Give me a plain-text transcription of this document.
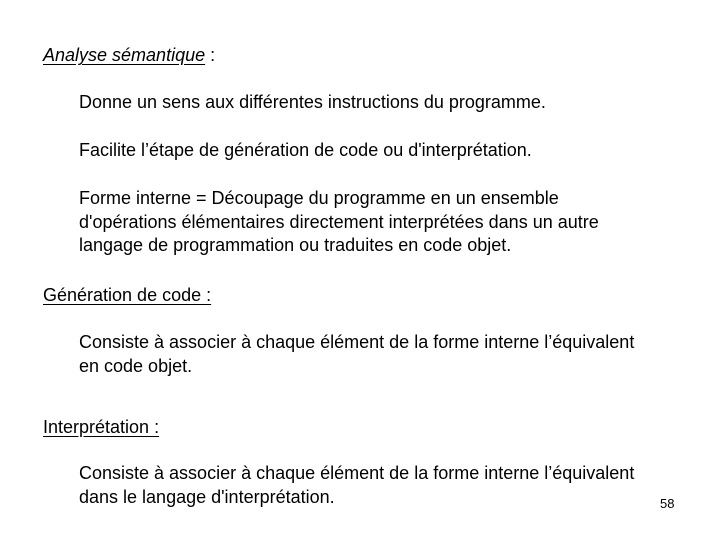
Analyse sémantique :
Donne un sens aux différentes instructions du programme.
Facilite l’étape de génération de code ou d'interprétation.
Forme interne = Découpage du programme en un ensemble
d'opérations élémentaires directement interprétées dans un autre
langage de programmation ou traduites en code objet.
Génération de code :
Consiste à associer à chaque élément de la forme interne l’équivalent
en code objet.
Interprétation :
Consiste à associer à chaque élément de la forme interne l’équivalent
dans le langage d'interprétation.	58
